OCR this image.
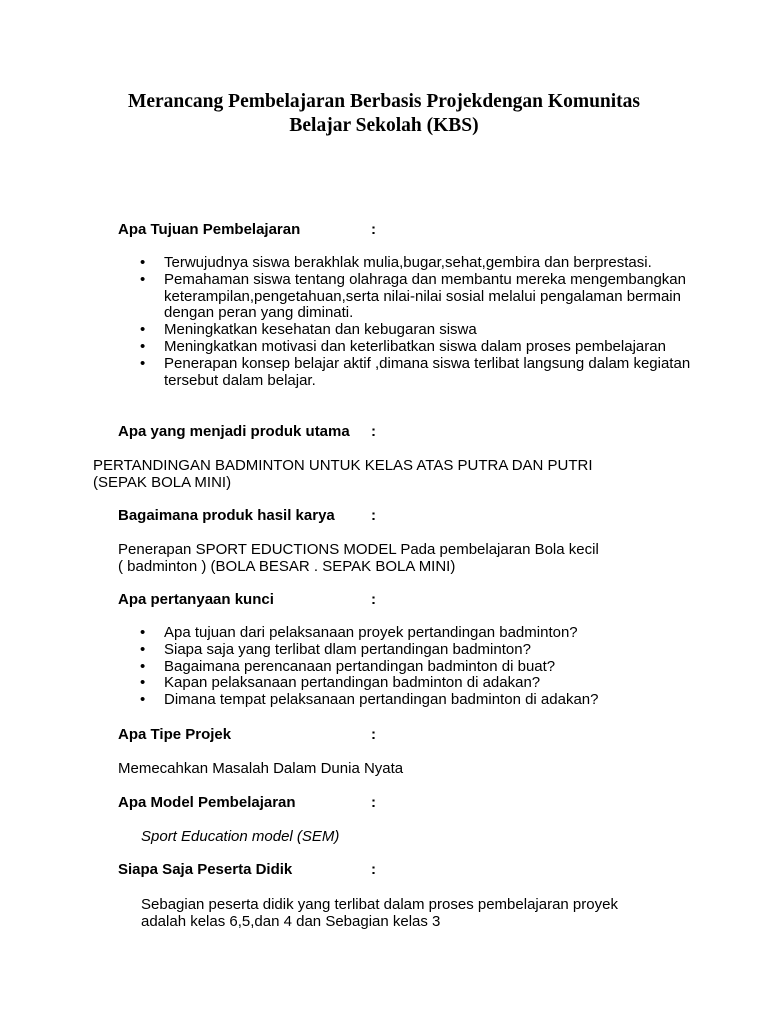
Merancang Pembelajaran Berbasis Projekdengan Komunitas
Belajar Sekolah (KBS)
Apa Tujuan Pembelajaran	:
• Terwujudnya siswa berakhlak mulia,bugar,sehat,gembira dan berprestasi.
• Pemahaman siswa tentang olahraga dan membantu mereka mengembangkan keterampilan,pengetahuan,serta nilai-nilai sosial melalui pengalaman bermain dengan peran yang diminati.
• Meningkatkan kesehatan dan kebugaran siswa
• Meningkatkan motivasi dan keterlibatkan siswa dalam proses pembelajaran
• Penerapan konsep belajar aktif ,dimana siswa terlibat langsung dalam kegiatan tersebut dalam belajar.
Apa yang menjadi produk utama :
PERTANDINGAN BADMINTON UNTUK KELAS ATAS PUTRA DAN PUTRI
(SEPAK BOLA MINI)
Bagaimana produk hasil karya :
Penerapan SPORT EDUCTIONS MODEL Pada pembelajaran Bola kecil
( badminton ) (BOLA BESAR . SEPAK BOLA MINI)
Apa pertanyaan kunci	:
• Apa tujuan dari pelaksanaan proyek pertandingan badminton?
• Siapa saja yang terlibat dlam pertandingan badminton?
• Bagaimana perencanaan pertandingan badminton di buat?
• Kapan pelaksanaan pertandingan badminton di adakan?
• Dimana tempat pelaksanaan pertandingan badminton di adakan?
Apa Tipe Projek	:
Memecahkan Masalah Dalam Dunia Nyata
Apa Model Pembelajaran	:
Sport Education model (SEM)
Siapa Saja Peserta Didik	:
Sebagian peserta didik yang terlibat dalam proses pembelajaran proyek
adalah kelas 6,5,dan 4 dan Sebagian kelas 3
